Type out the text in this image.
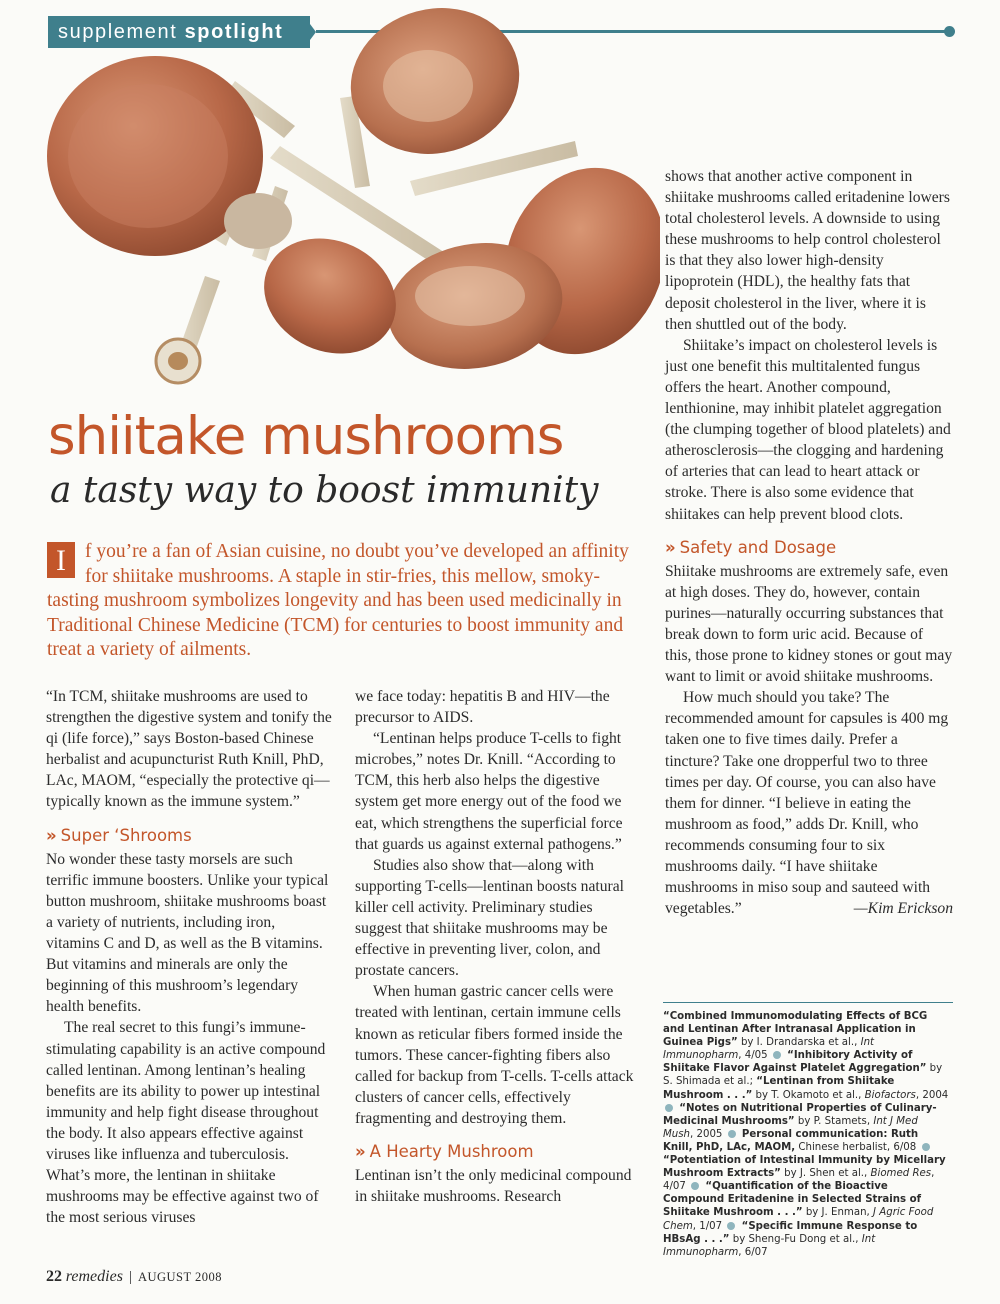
supplement spotlight
shiitake mushrooms
a tasty way to boost immunity
I f you’re a fan of Asian cuisine, no doubt you’ve developed an affinity for shiitake mushrooms. A staple in stir-fries, this mellow, smoky-tasting mushroom symbolizes longevity and has been used medicinally in Traditional Chinese Medicine (TCM) for centuries to boost immunity and treat a variety of ailments.

“In TCM, shiitake mushrooms are used to strengthen the digestive system and tonify the qi (life force),” says Boston-based Chinese herbalist and acupuncturist Ruth Knill, PhD, LAc, MAOM, “especially the protective qi—typically known as the immune system.”

» Super ‘Shrooms

No wonder these tasty morsels are such terrific immune boosters. Unlike your typical button mushroom, shiitake mushrooms boast a variety of nutrients, including iron, vitamins C and D, as well as the B vitamins. But vitamins and minerals are only the beginning of this mushroom’s legendary health benefits.

The real secret to this fungi’s immune-stimulating capability is an active compound called lentinan. Among lentinan’s healing benefits are its ability to power up intestinal immunity and help fight disease throughout the body. It also appears effective against viruses like influenza and tuberculosis. What’s more, the lentinan in shiitake mushrooms may be effective against two of the most serious viruses

we face today: hepatitis B and HIV—the precursor to AIDS.

“Lentinan helps produce T-cells to fight microbes,” notes Dr. Knill. “According to TCM, this herb also helps the digestive system get more energy out of the food we eat, which strengthens the superficial force that guards us against external pathogens.”

Studies also show that—along with supporting T-cells—lentinan boosts natural killer cell activity. Preliminary studies suggest that shiitake mushrooms may be effective in preventing liver, colon, and prostate cancers.

When human gastric cancer cells were treated with lentinan, certain immune cells known as reticular fibers formed inside the tumors. These cancer-fighting fibers also called for backup from T-cells. T-cells attack clusters of cancer cells, effectively fragmenting and destroying them.

» A Hearty Mushroom

Lentinan isn’t the only medicinal compound in shiitake mushrooms. Research

shows that another active component in shiitake mushrooms called eritadenine lowers total cholesterol levels. A downside to using these mushrooms to help control cholesterol is that they also lower high-density lipoprotein (HDL), the healthy fats that deposit cholesterol in the liver, where it is then shuttled out of the body.

Shiitake’s impact on cholesterol levels is just one benefit this multitalented fungus offers the heart. Another compound, lenthionine, may inhibit platelet aggregation (the clumping together of blood platelets) and atherosclerosis—the clogging and hardening of arteries that can lead to heart attack or stroke. There is also some evidence that shiitakes can help prevent blood clots.

» Safety and Dosage

Shiitake mushrooms are extremely safe, even at high doses. They do, however, contain purines—naturally occurring substances that break down to form uric acid. Because of this, those prone to kidney stones or gout may want to limit or avoid shiitake mushrooms.

How much should you take? The recommended amount for capsules is 400 mg taken one to five times daily. Prefer a tincture? Take one dropperful two to three times per day. Of course, you can also have them for dinner. “I believe in eating the mushroom as food,” adds Dr. Knill, who recommends consuming four to six mushrooms daily. “I have shiitake mushrooms in miso soup and sauteed with vegetables.”	—Kim Erickson

“Combined Immunomodulating Effects of BCG and Lentinan After Intranasal Application in Guinea Pigs” by I. Drandarska et al., Int Immunopharm, 4/05 “Inhibitory Activity of Shiitake Flavor Against Platelet Aggregation” by S. Shimada et al.; “Lentinan from Shiitake Mushroom . . .” by T. Okamoto et al., Biofactors, 2004  “Notes on Nutritional Properties of Culinary-Medicinal Mushrooms” by P. Stamets, Int J Med Mush, 2005 Personal communication: Ruth Knill, PhD, LAc, MAOM, Chinese herbalist, 6/08  “Potentiation of Intestinal Immunity by Micellary Mushroom Extracts” by J. Shen et al., Biomed Res, 4/07 “Quantification of the Bioactive Compound Eritadenine in Selected Strains of Shiitake Mushroom . . .” by J. Enman, J Agric Food Chem, 1/07 “Specific Immune Response to HBsAg . . .” by Sheng-Fu Dong et al., Int Immunopharm, 6/07
22 remedies | AUGUST 2008
